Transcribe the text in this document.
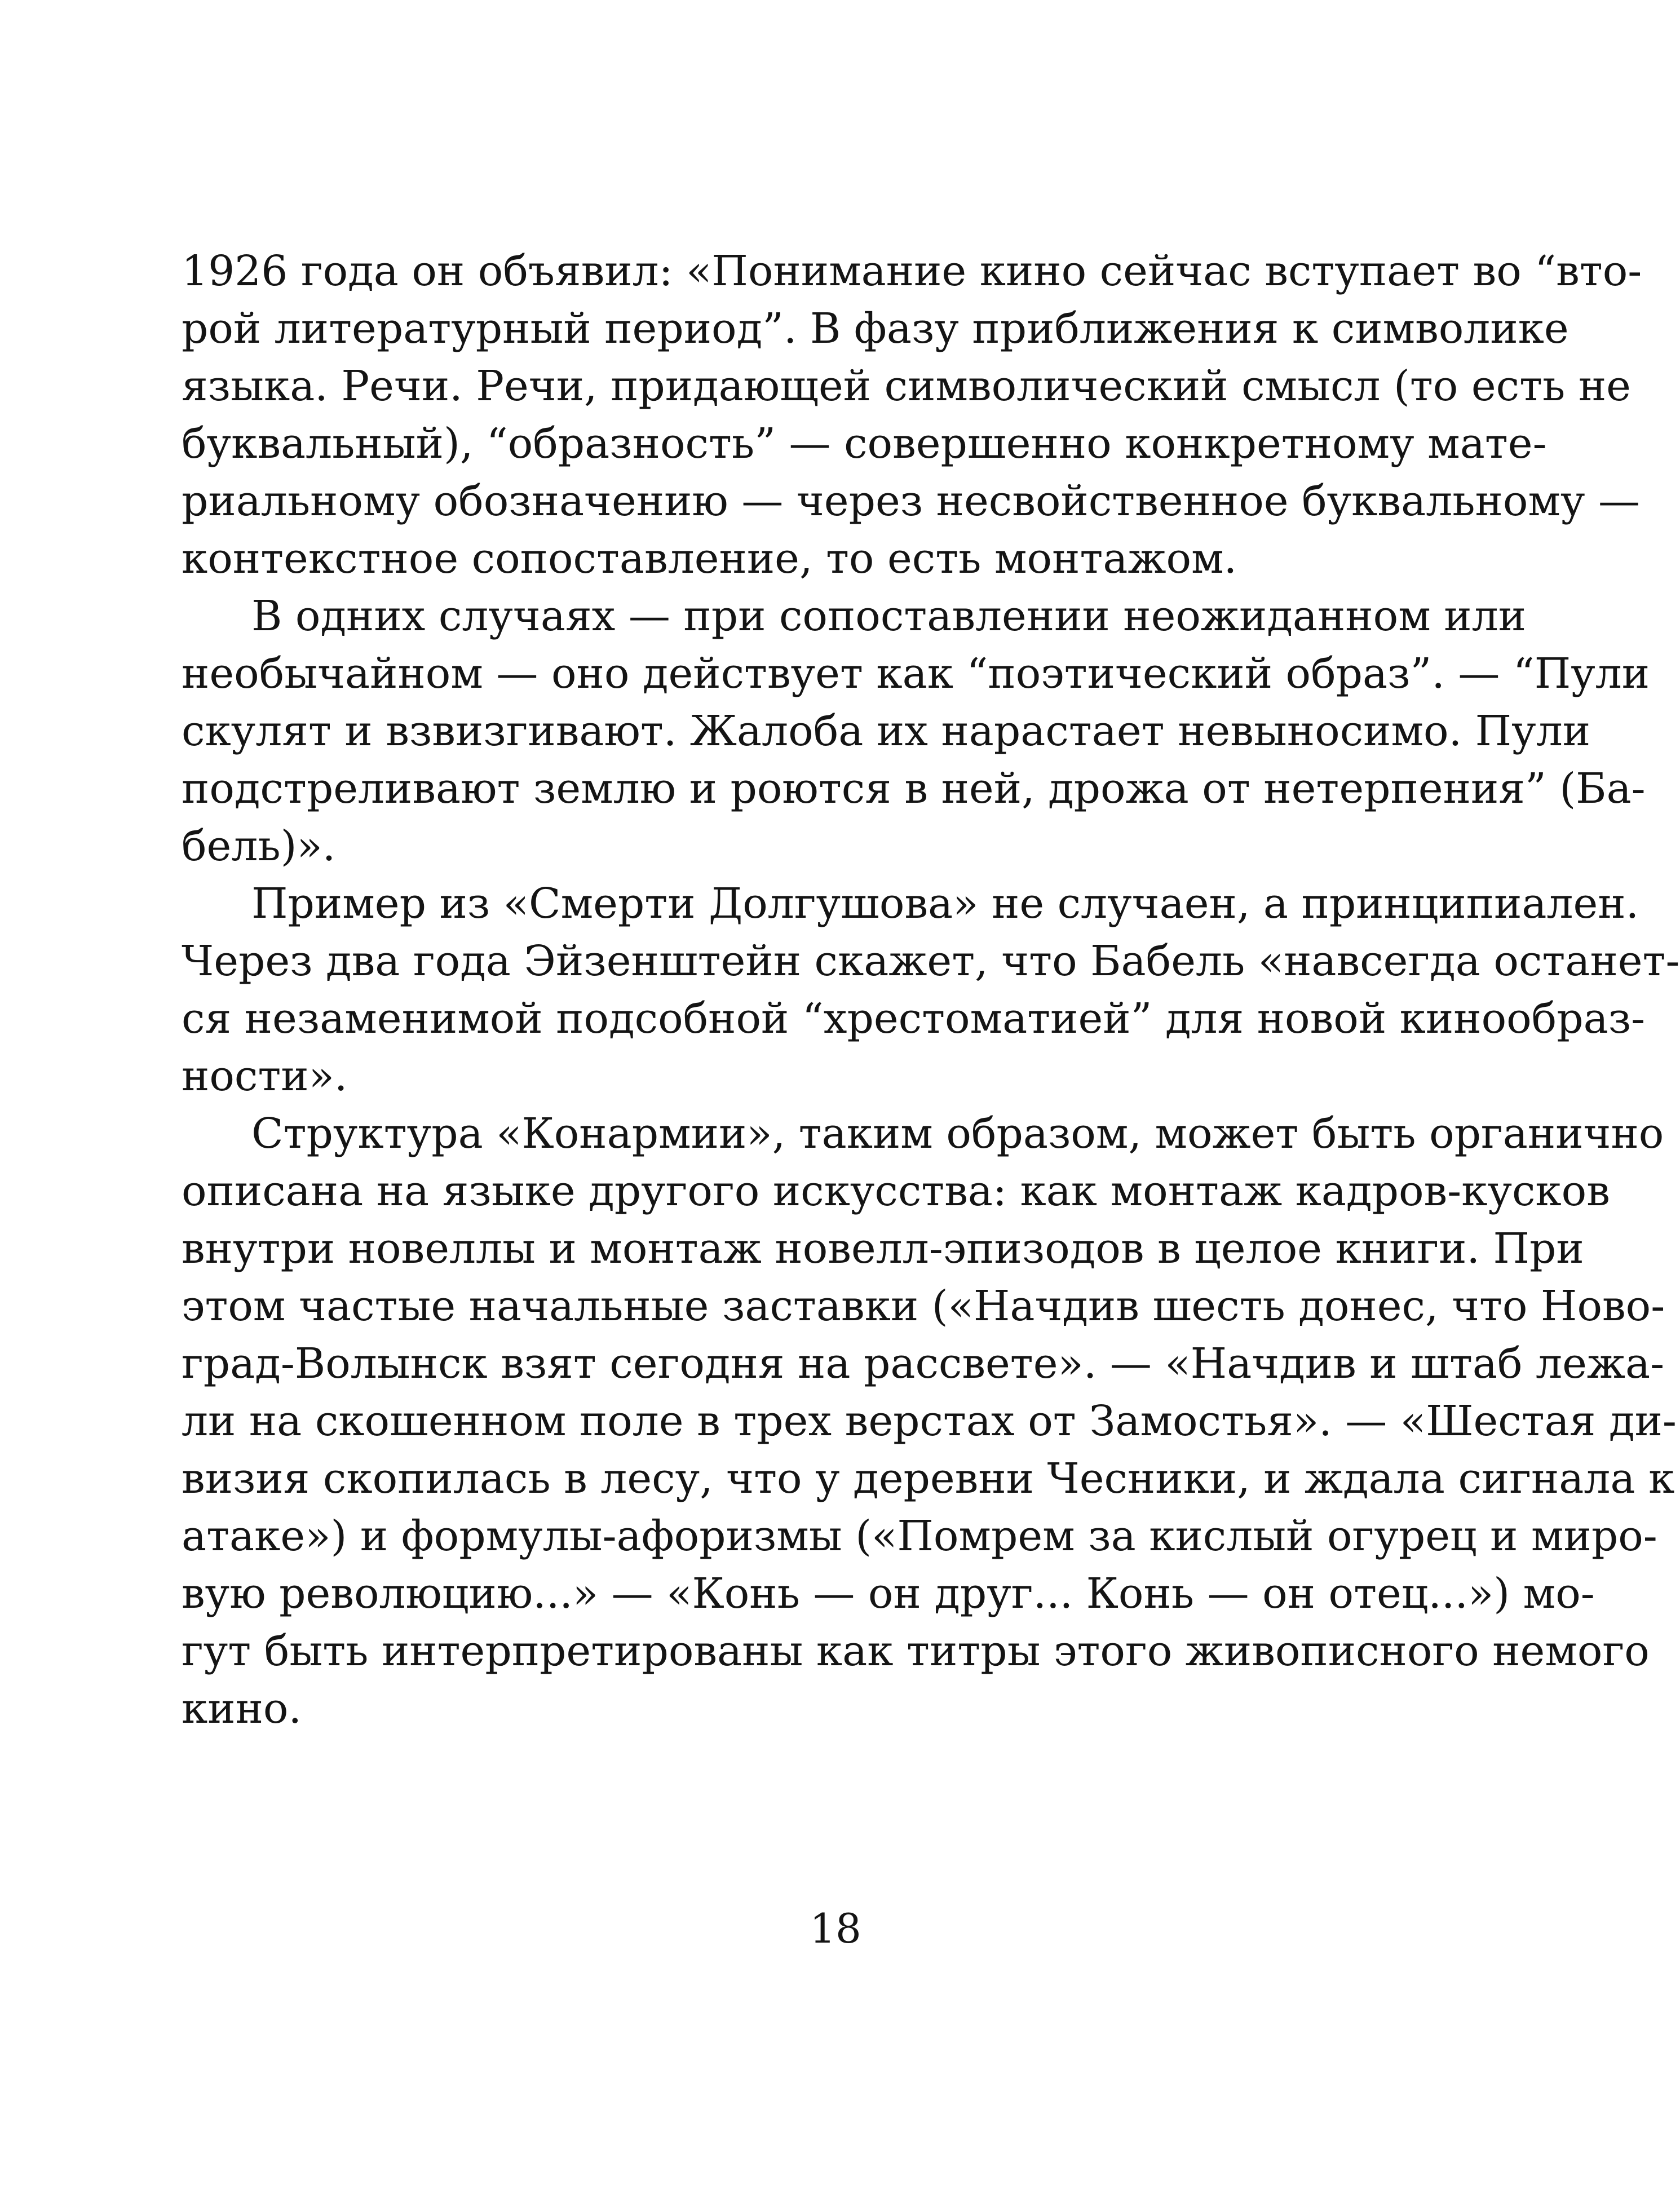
1926 года он объявил: «Понимание кино сейчас вступает во “вто-
рой литературный период”. В фазу приближения к символике
языка. Речи. Речи, придающей символический смысл (то есть не
буквальный), “образность” — совершенно конкретному мате-
риальному обозначению — через несвойственное буквальному —
контекстное сопоставление, то есть монтажом.
В одних случаях — при сопоставлении неожиданном или
необычайном — оно действует как “поэтический образ”. — “Пули
скулят и взвизгивают. Жалоба их нарастает невыносимо. Пули
подстреливают землю и роются в ней, дрожа от нетерпения” (Ба-
бель)».
Пример из «Смерти Долгушова» не случаен, а принципиален.
Через два года Эйзенштейн скажет, что Бабель «навсегда останет-
ся незаменимой подсобной “хрестоматией” для новой кинообраз-
ности».
Структура «Конармии», таким образом, может быть органично
описана на языке другого искусства: как монтаж кадров-кусков
внутри новеллы и монтаж новелл-эпизодов в целое книги. При
этом частые начальные заставки («Начдив шесть донес, что Ново-
град-Волынск взят сегодня на рассвете». — «Начдив и штаб лежа-
ли на скошенном поле в трех верстах от Замостья». — «Шестая ди-
визия скопилась в лесу, что у деревни Чесники, и ждала сигнала к
атаке») и формулы-афоризмы («Помрем за кислый огурец и миро-
вую революцию...» — «Конь — он друг... Конь — он отец...») мо-
гут быть интерпретированы как титры этого живописного немого
кино.
18
